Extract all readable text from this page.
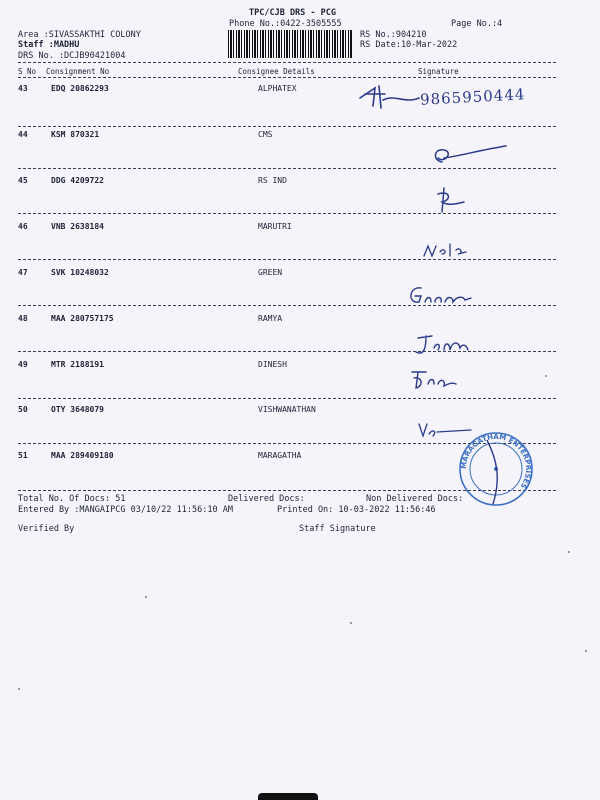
TPC/CJB DRS - PCG
Phone No.:0422-3505555	Page No.:4
Area :SIVASSAKTHI COLONY
Staff :MADHU
DRS No. :DCJB90421004
RS No.:904210
RS Date:10-Mar-2022
S No Consignment No	Consignee Details	Signature
43	EDQ 20862293	ALPHATEX
44	KSM 870321	CMS
45	DDG 4209722	RS IND
46	VNB 2638184	MARUTRI
47	SVK 10248032	GREEN
48	MAA 280757175	RAMYA
49	MTR 2188191	DINESH
50	OTY 3648079	VISHWANATHAN
51	MAA 289409180	MARAGATHA
9865950444
MARAGATHAM ENTERPRISES
Total No. Of Docs: 51	Delivered Docs:	Non Delivered Docs:
Entered By :MANGAIPCG 03/10/22 11:56:10 AM	Printed On: 10-03-2022 11:56:46
Verified By	Staff Signature
